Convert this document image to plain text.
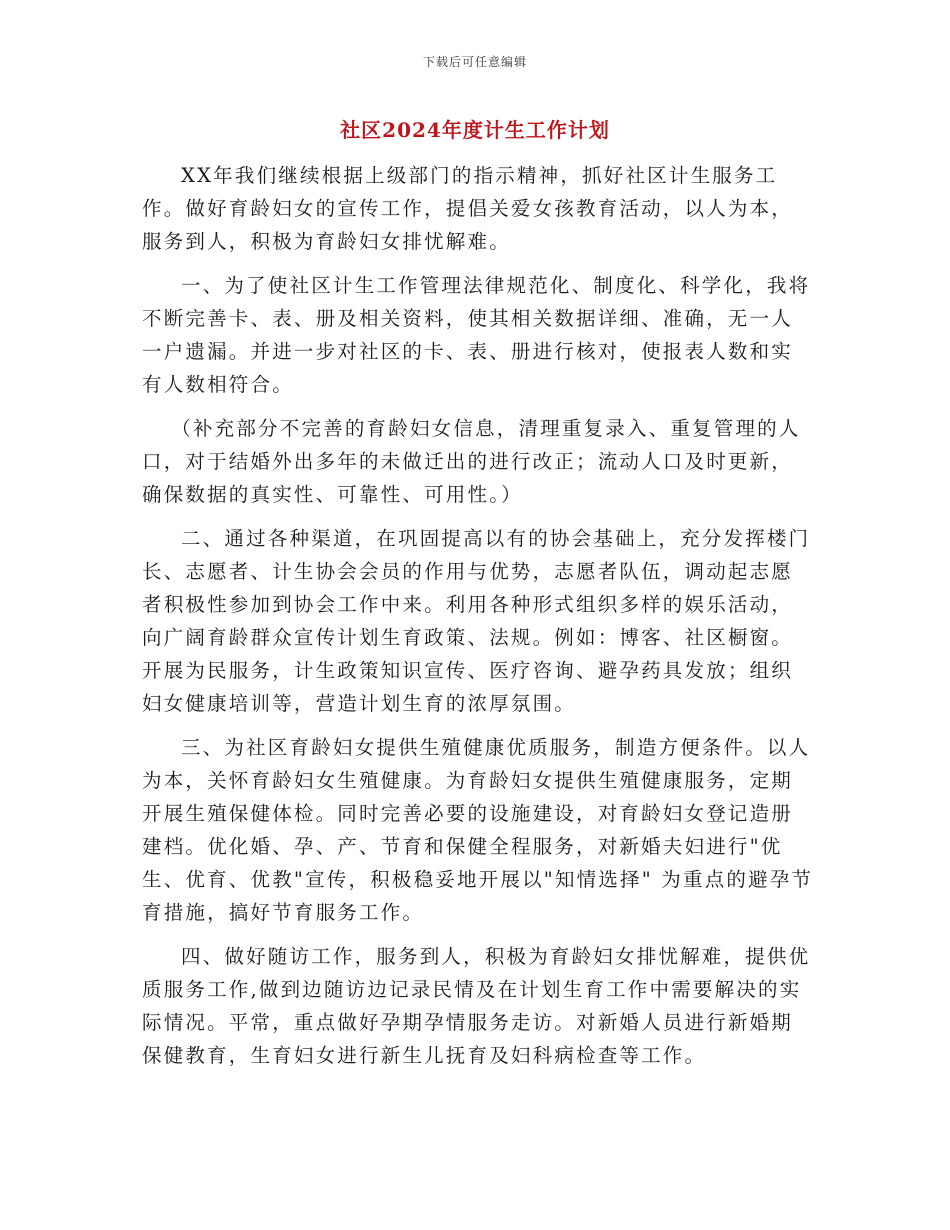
下载后可任意编辑
社区2024年度计生工作计划

XX年我们继续根据上级部门的指示精神，抓好社区计生服务工作。做好育龄妇女的宣传工作，提倡关爱女孩教育活动，以人为本，服务到人，积极为育龄妇女排忧解难。

一、为了使社区计生工作管理法律规范化、制度化、科学化，我将不断完善卡、表、册及相关资料，使其相关数据详细、准确，无一人一户遗漏。并进一步对社区的卡、表、册进行核对，使报表人数和实有人数相符合。

（补充部分不完善的育龄妇女信息，清理重复录入、重复管理的人口，对于结婚外出多年的未做迁出的进行改正；流动人口及时更新，确保数据的真实性、可靠性、可用性。）

二、通过各种渠道，在巩固提高以有的协会基础上，充分发挥楼门长、志愿者、计生协会会员的作用与优势，志愿者队伍，调动起志愿者积极性参加到协会工作中来。利用各种形式组织多样的娱乐活动，向广阔育龄群众宣传计划生育政策、法规。例如：博客、社区橱窗。开展为民服务，计生政策知识宣传、医疗咨询、避孕药具发放；组织妇女健康培训等，营造计划生育的浓厚氛围。

三、为社区育龄妇女提供生殖健康优质服务，制造方便条件。以人为本，关怀育龄妇女生殖健康。为育龄妇女提供生殖健康服务，定期开展生殖保健体检。同时完善必要的设施建设，对育龄妇女登记造册建档。优化婚、孕、产、节育和保健全程服务，对新婚夫妇进行"优生、优育、优教"宣传，积极稳妥地开展以"知情选择" 为重点的避孕节育措施，搞好节育服务工作。

四、做好随访工作，服务到人，积极为育龄妇女排忧解难，提供优质服务工作,做到边随访边记录民情及在计划生育工作中需要解决的实际情况。平常，重点做好孕期孕情服务走访。对新婚人员进行新婚期保健教育，生育妇女进行新生儿抚育及妇科病检查等工作。
